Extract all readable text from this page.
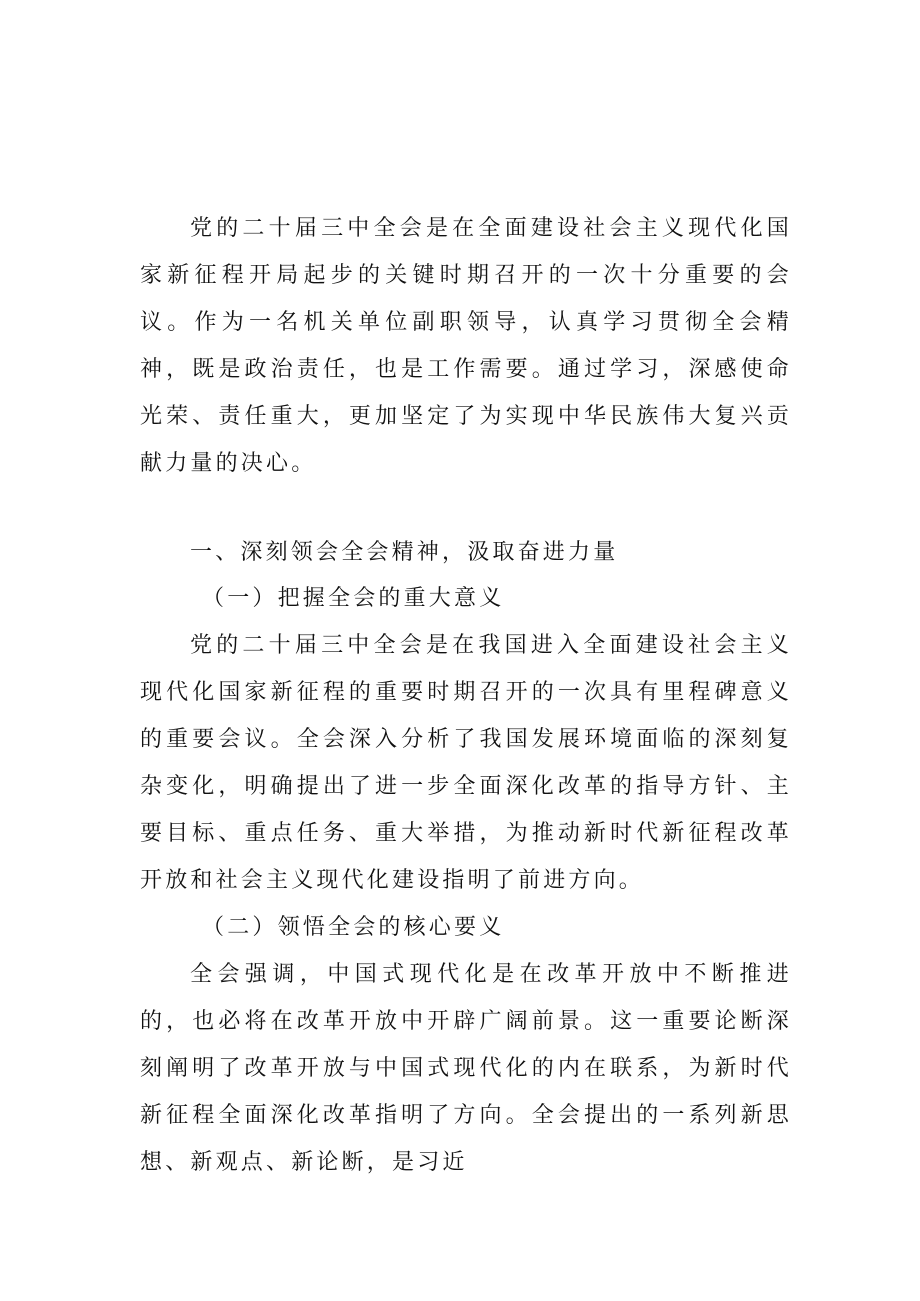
党的二十届三中全会是在全面建设社会主义现代化国家新征程开局起步的关键时期召开的一次十分重要的会议。作为一名机关单位副职领导，认真学习贯彻全会精神，既是政治责任，也是工作需要。通过学习，深感使命光荣、责任重大，更加坚定了为实现中华民族伟大复兴贡献力量的决心。

一、深刻领会全会精神，汲取奋进力量

（一）把握全会的重大意义

党的二十届三中全会是在我国进入全面建设社会主义现代化国家新征程的重要时期召开的一次具有里程碑意义的重要会议。全会深入分析了我国发展环境面临的深刻复杂变化，明确提出了进一步全面深化改革的指导方针、主要目标、重点任务、重大举措，为推动新时代新征程改革开放和社会主义现代化建设指明了前进方向。

（二）领悟全会的核心要义

全会强调，中国式现代化是在改革开放中不断推进的，也必将在改革开放中开辟广阔前景。这一重要论断深刻阐明了改革开放与中国式现代化的内在联系，为新时代新征程全面深化改革指明了方向。全会提出的一系列新思想、新观点、新论断，是习近
